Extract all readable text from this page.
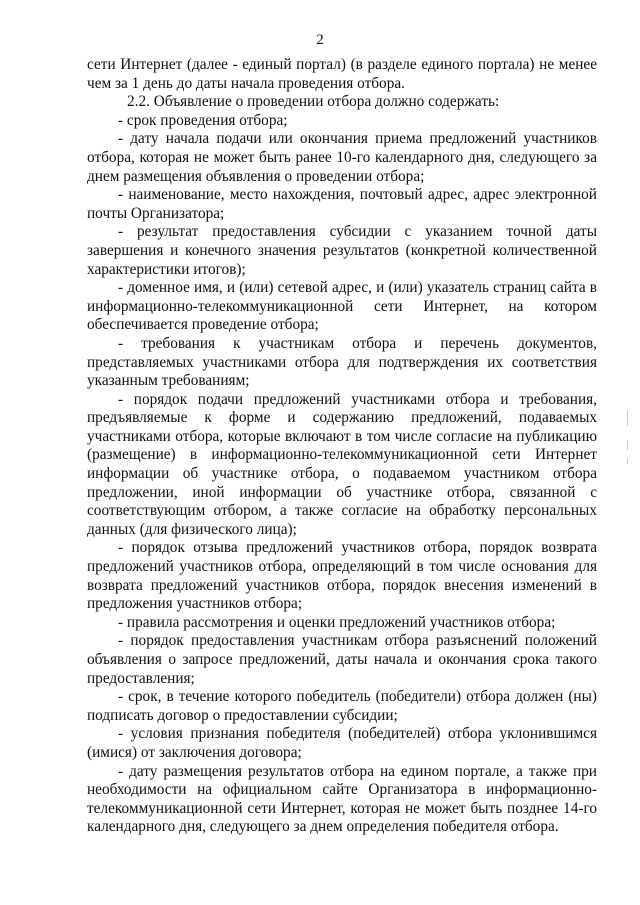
2

сети Интернет (далее - единый портал) (в разделе единого портала) не менее чем за 1 день до даты начала проведения отбора.

2.2. Объявление о проведении отбора должно содержать:

- срок проведения отбора;

- дату начала подачи или окончания приема предложений участников отбора, которая не может быть ранее 10-го календарного дня, следующего за днем размещения объявления о проведении отбора;

- наименование, место нахождения, почтовый адрес, адрес электронной почты Организатора;

- результат предоставления субсидии с указанием точной даты завершения и конечного значения результатов (конкретной количественной характеристики итогов);

- доменное имя, и (или) сетевой адрес, и (или) указатель страниц сайта в информационно-телекоммуникационной сети Интернет, на котором обеспечивается проведение отбора;

- требования к участникам отбора и перечень документов, представляемых участниками отбора для подтверждения их соответствия указанным требованиям;

- порядок подачи предложений участниками отбора и требования, предъявляемые к форме и содержанию предложений, подаваемых участниками отбора, которые включают в том числе согласие на публикацию (размещение) в информационно-телекоммуникационной сети Интернет информации об участнике отбора, о подаваемом участником отбора предложении, иной информации об участнике отбора, связанной с соответствующим отбором, а также согласие на обработку персональных данных (для физического лица);

- порядок отзыва предложений участников отбора, порядок возврата предложений участников отбора, определяющий в том числе основания для возврата предложений участников отбора, порядок внесения изменений в предложения участников отбора;

- правила рассмотрения и оценки предложений участников отбора;

- порядок предоставления участникам отбора разъяснений положений объявления о запросе предложений, даты начала и окончания срока такого предоставления;

- срок, в течение которого победитель (победители) отбора должен (ны) подписать договор о предоставлении субсидии;

- условия признания победителя (победителей) отбора уклонившимся (имися) от заключения договора;

- дату размещения результатов отбора на едином портале, а также при необходимости на официальном сайте Организатора в информационно-телекоммуникационной сети Интернет, которая не может быть позднее 14-го календарного дня, следующего за днем определения победителя отбора.
